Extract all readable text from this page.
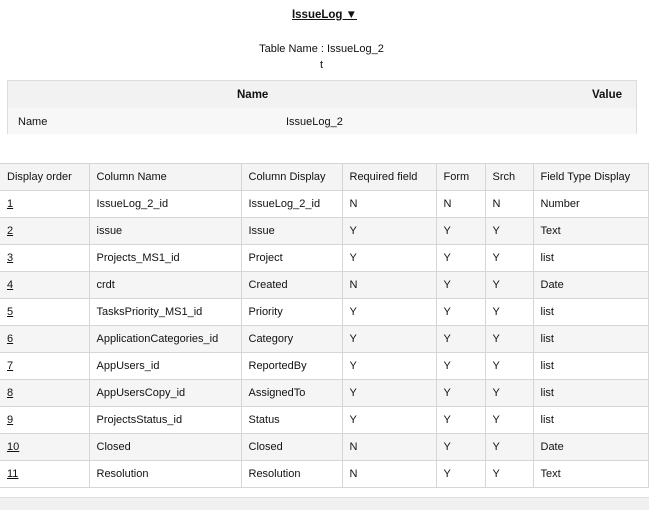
IssueLog ▼
Table Name : IssueLog_2
t
Name	Value
Name	IssueLog_2
Display order	Column Name	Column Display	Required field	Form	Srch	Field Type Display
1	IssueLog_2_id	IssueLog_2_id	N	N	N	Number
2	issue	Issue	Y	Y	Y	Text
3	Projects_MS1_id	Project	Y	Y	Y	list
4	crdt	Created	N	Y	Y	Date
5	TasksPriority_MS1_id	Priority	Y	Y	Y	list
6	ApplicationCategories_id	Category	Y	Y	Y	list
7	AppUsers_id	ReportedBy	Y	Y	Y	list
8	AppUsersCopy_id	AssignedTo	Y	Y	Y	list
9	ProjectsStatus_id	Status	Y	Y	Y	list
10	Closed	Closed	N	Y	Y	Date
11	Resolution	Resolution	N	Y	Y	Text
